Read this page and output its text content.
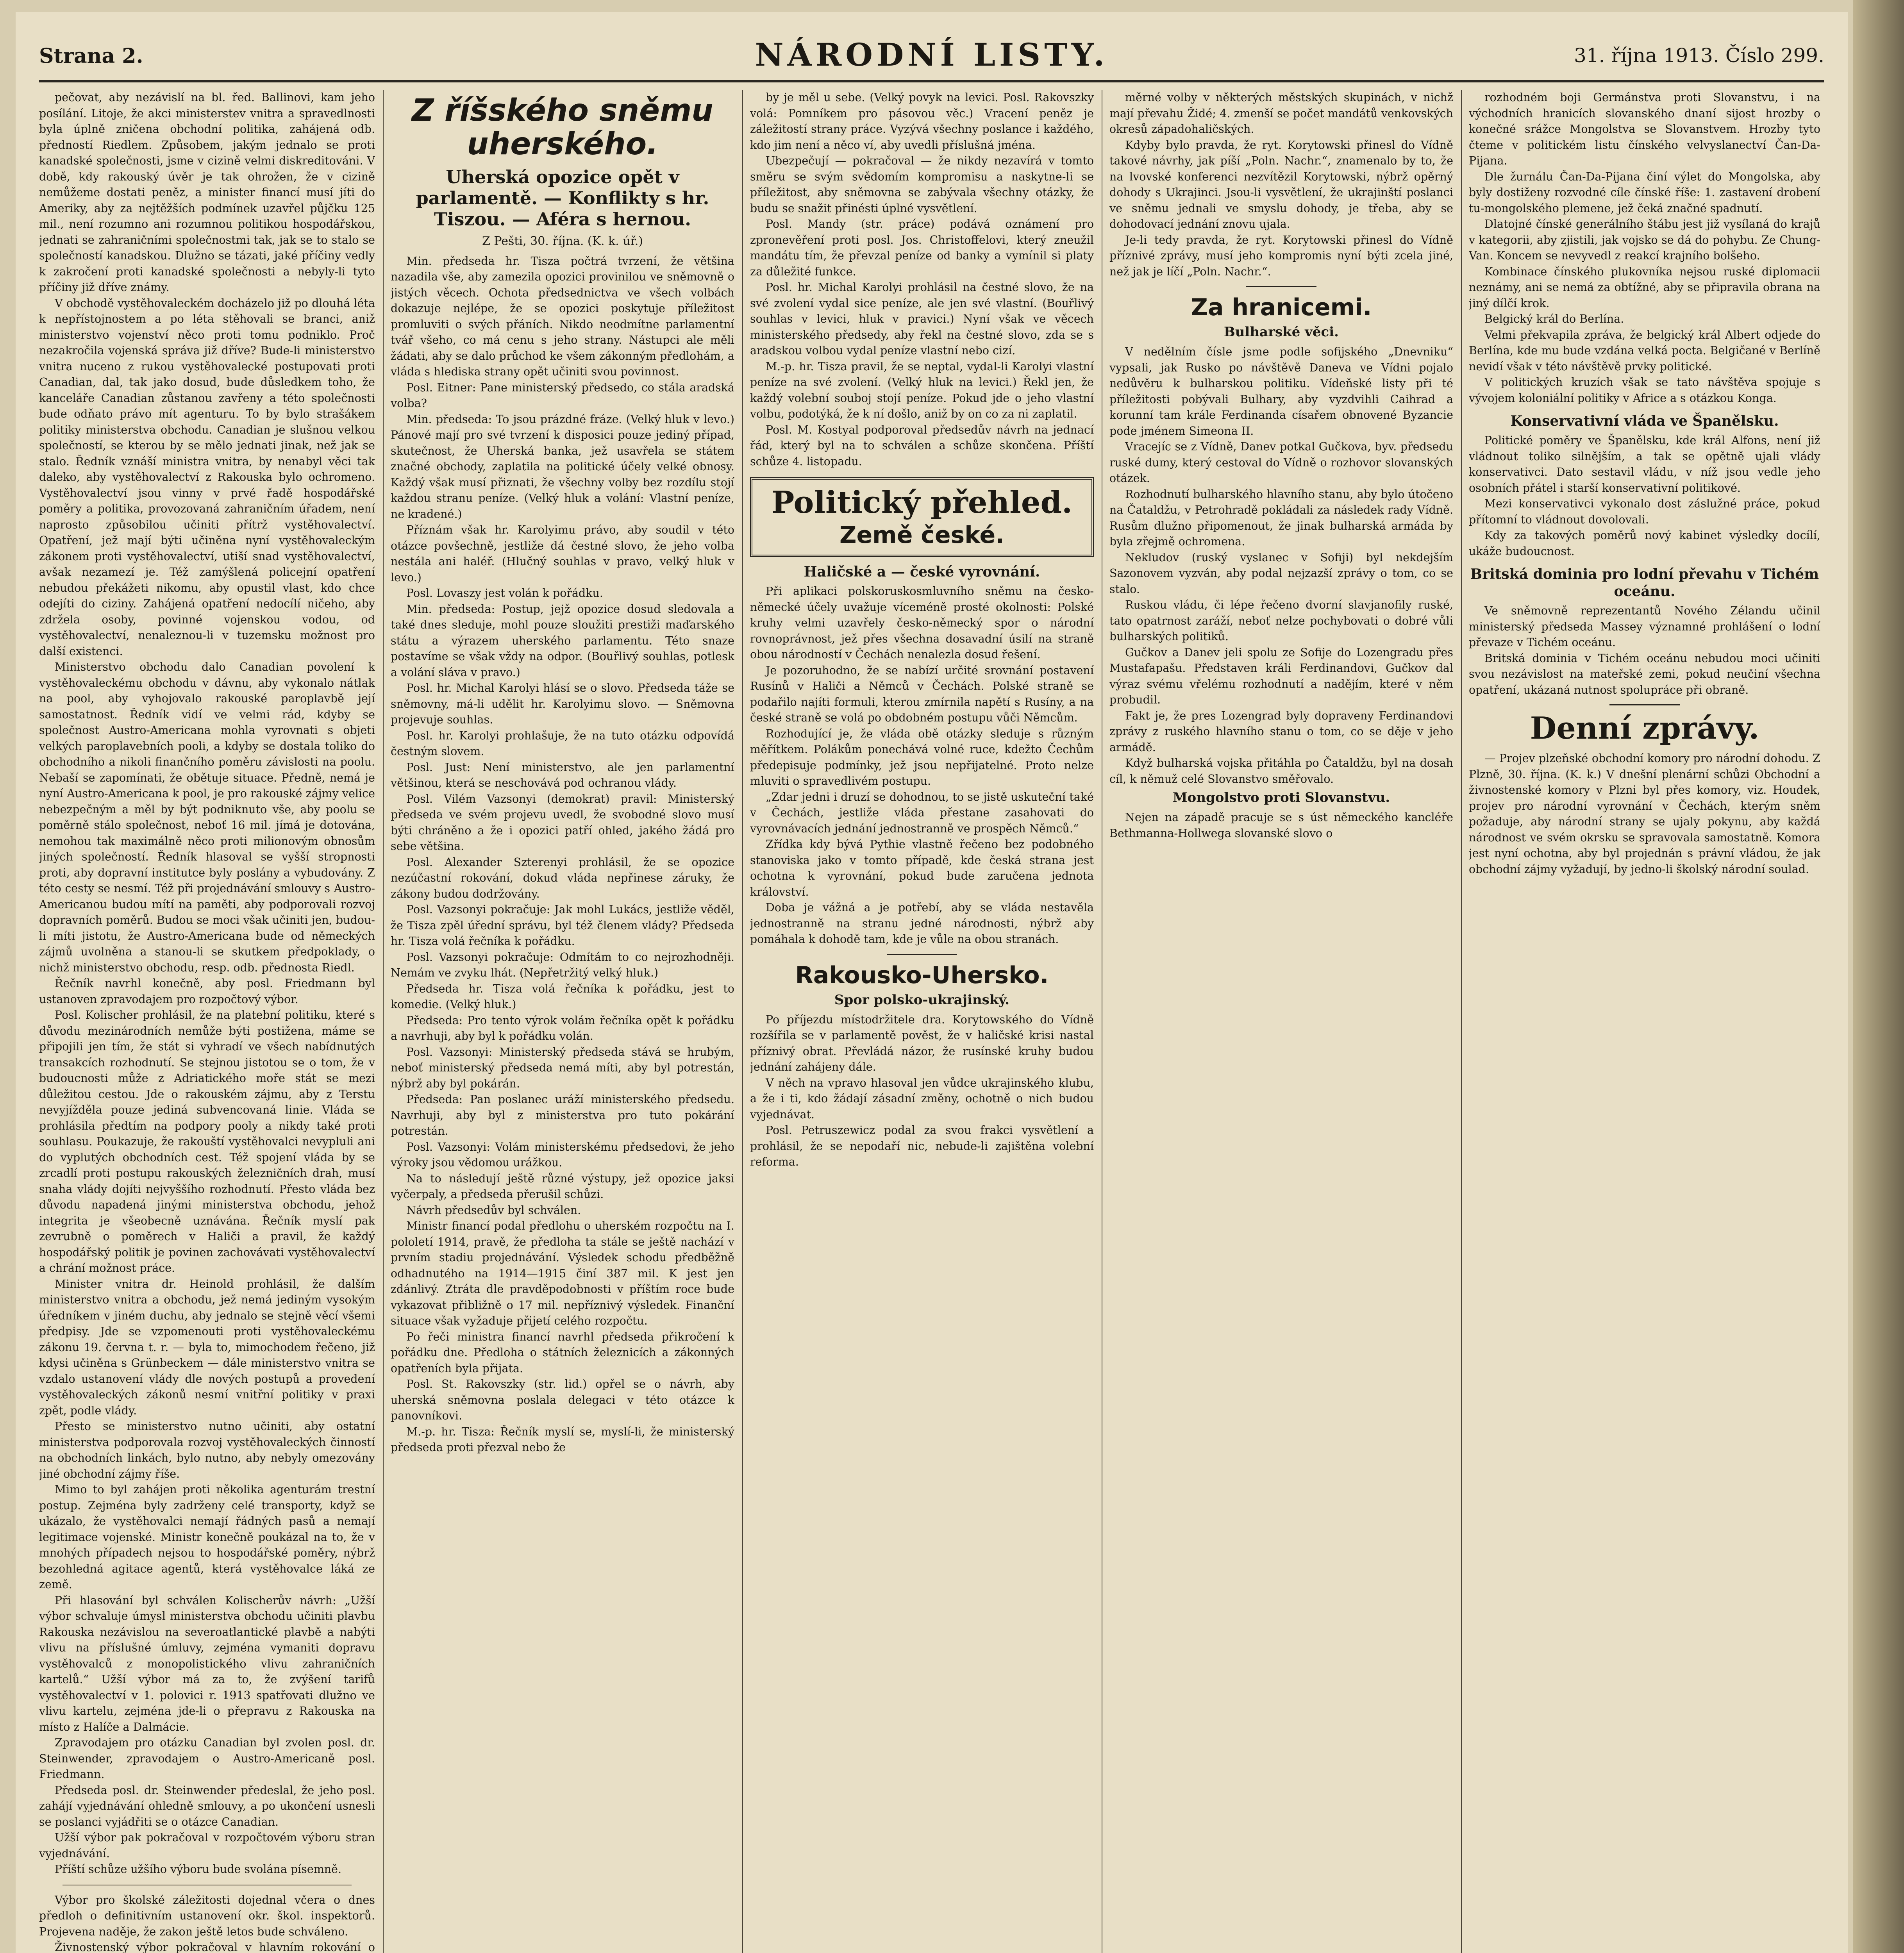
Strana 2.	NÁRODNÍ LISTY.	31. října 1913. Číslo 299.

pečovat, aby nezávislí na bl. řed. Ballinovi, kam jeho posílání. Litoje, že akci ministerstev vnitra a spravedlnosti byla úplně zničena obchodní politika, zahájená odb. předností Riedlem. Způsobem, jakým jednalo se proti kanadské společnosti, jsme v cizině velmi diskreditováni. V době, kdy rakouský úvěr je tak ohrožen, že v cizině nemůžeme dostati peněz, a minister financí musí jíti do Ameriky, aby za nejtěžších podmínek uzavřel půjčku 125 mil., není rozumno ani rozumnou politikou hospodářskou, jednati se zahraničními společnostmi tak, jak se to stalo se společností kanadskou. Dlužno se tázati, jaké příčiny vedly k zakročení proti kanadské společnosti a nebyly-li tyto příčiny již dříve známy.

V obchodě vystěhovaleckém docházelo již po dlouhá léta k nepřístojnostem a po léta stěhovali se branci, aniž ministerstvo vojenství něco proti tomu podniklo. Proč nezakročila vojenská správa již dříve? Bude-li ministerstvo vnitra nuceno z rukou vystěhovalecké postupovati proti Canadian, dal, tak jako dosud, bude důsledkem toho, že kanceláře Canadian zůstanou zavřeny a této společnosti bude odňato právo mít agenturu. To by bylo strašákem politiky ministerstva obchodu. Canadian je slušnou velkou společností, se kterou by se mělo jednati jinak, než jak se stalo. Ředník vznáší ministra vnitra, by nenabyl věci tak daleko, aby vystěhovalectví z Rakouska bylo ochromeno. Vystěhovalectví jsou vinny v prvé řadě hospodářské poměry a politika, provozovaná zahraničním úřadem, není naprosto způsobilou učiniti přítrž vystěhovalectví. Opatření, jež mají býti učiněna nyní vystěhovaleckým zákonem proti vystěhovalectví, utiší snad vystěhovalectví, avšak nezamezí je. Též zamýšlená policejní opatření nebudou překážeti nikomu, aby opustil vlast, kdo chce odejíti do ciziny. Zahájená opatření nedocílí ničeho, aby zdržela osoby, povinné vojenskou vodou, od vystěhovalectví, nenaleznou-li v tuzemsku možnost pro další existenci.

Ministerstvo obchodu dalo Canadian povolení k vystěhovaleckému obchodu v dávnu, aby vykonalo nátlak na pool, aby vyhojovalo rakouské paroplavbě její samostatnost. Ředník vidí ve velmi rád, kdyby se společnost Austro-Americana mohla vyrovnati s objeti velkých paroplavebních pooli, a kdyby se dostala toliko do obchodního a nikoli finančního poměru závislosti na poolu. Nebaší se zapomínati, že obětuje situace. Předně, nemá je nyní Austro-Americana k pool, je pro rakouské zájmy velice nebezpečným a měl by být podniknuto vše, aby poolu se poměrně stálo společnost, neboť 16 mil. jímá je dotována, nemohou tak maximálně něco proti milionovým obnosům jiných společností. Ředník hlasoval se vyšší stropnosti proti, aby dopravní institutce byly poslány a vybudovány. Z této cesty se nesmí. Též při projednávání smlouvy s Austro-Americanou budou mítí na paměti, aby podporovali rozvoj dopravních poměrů. Budou se moci však učiniti jen, budou-li míti jistotu, že Austro-Americana bude od německých zájmů uvolněna a stanou-li se skutkem předpoklady, o nichž ministerstvo obchodu, resp. odb. přednosta Riedl.

Řečník navrhl konečně, aby posl. Friedmann byl ustanoven zpravodajem pro rozpočtový výbor.

Posl. Kolischer prohlásil, že na platební politiku, které s důvodu mezinárodních nemůže býti postižena, máme se připojili jen tím, že stát si vyhradí ve všech nabídnutých transakcích rozhodnutí. Se stejnou jistotou se o tom, že v budoucnosti může z Adriatického moře stát se mezi důležitou cestou. Jde o rakouském zájmu, aby z Terstu nevyjížděla pouze jediná subvencovaná linie. Vláda se prohlásila předtím na podpory pooly a nikdy také proti souhlasu. Poukazuje, že rakouští vystěhovalci nevypluli ani do vyplutých obchodních cest. Též spojení vláda by se zrcadlí proti postupu rakouských železničních drah, musí snaha vlády dojíti nejvyššího rozhodnutí. Přesto vláda bez důvodu napadená jinými ministerstva obchodu, jehož integrita je všeobecně uznávána. Řečník myslí pak zevrubně o poměrech v Haliči a pravil, že každý hospodářský politik je povinen zachovávati vystěhovalectví a chrání možnost práce.

Minister vnitra dr. Heinold prohlásil, že dalším ministerstvo vnitra a obchodu, jež nemá jediným vysokým úředníkem v jiném duchu, aby jednalo se stejně věcí všemi předpisy. Jde se vzpomenouti proti vystěhovaleckému zákonu 19. června t. r. — byla to, mimochodem řečeno, již kdysi učiněna s Grünbeckem — dále ministerstvo vnitra se vzdalo ustanovení vlády dle nových postupů a provedení vystěhovaleckých zákonů nesmí vnitřní politiky v praxi zpět, podle vlády.

Přesto se ministerstvo nutno učiniti, aby ostatní ministerstva podporovala rozvoj vystěhovaleckých činností na obchodních linkách, bylo nutno, aby nebyly omezovány jiné obchodní zájmy říše.

Mimo to byl zahájen proti několika agenturám trestní postup. Zejména byly zadrženy celé transporty, když se ukázalo, že vystěhovalci nemají řádných pasů a nemají legitimace vojenské. Ministr konečně poukázal na to, že v mnohých případech nejsou to hospodářské poměry, nýbrž bezohledná agitace agentů, která vystěhovalce láká ze země.

Při hlasování byl schválen Kolischerův návrh: „Užší výbor schvaluje úmysl ministerstva obchodu učiniti plavbu Rakouska nezávislou na severoatlantické plavbě a nabýti vlivu na příslušné úmluvy, zejména vymaniti dopravu vystěhovalců z monopolistického vlivu zahraničních kartelů.“ Užší výbor má za to, že zvýšení tarifů vystěhovalectví v 1. polovici r. 1913 spatřovati dlužno ve vlivu kartelu, zejména jde-li o přepravu z Rakouska na místo z Halíče a Dalmácie.

Zpravodajem pro otázku Canadian byl zvolen posl. dr. Steinwender, zpravodajem o Austro-Americaně posl. Friedmann.

Předseda posl. dr. Steinwender předeslal, že jeho posl. zahájí vyjednávání ohledně smlouvy, a po ukončení usnesli se poslanci vyjádřiti se o otázce Canadian.

Užší výbor pak pokračoval v rozpočtovém výboru stran vyjednávání.

Příští schůze užšího výboru bude svolána písemně.

Výbor pro školské záležitosti dojednal včera o dnes předloh o definitivním ustanovení okr. škol. inspektorů. Projevena naděje, že zakon ještě letos bude schváleno.

Živnostenský výbor pokračoval v hlavním rokování o

Z říšského sněmu uherského.
Uherská opozice opět v parlamentě. — Konflikty s hr. Tiszou. — Aféra s hernou.
Z Pešti, 30. října. (K. k. úř.)

Min. předseda hr. Tisza počtrá tvrzení, že většina nazadila vše, aby zamezila opozici provinilou ve sněmovně o jistých věcech. Ochota předsednictva ve všech volbách dokazuje nejlépe, že se opozici poskytuje příležitost promluviti o svých přáních. Nikdo neodmítne parlamentní tvář všeho, co má cenu s jeho strany. Nástupci ale měli žádati, aby se dalo průchod ke všem zákonným předlohám, a vláda s hlediska strany opět učiniti svou povinnost.

Posl. Eitner: Pane ministerský předsedo, co stála aradská volba?

Min. předseda: To jsou prázdné fráze. (Velký hluk v levo.) Pánové mají pro své tvrzení k disposici pouze jediný případ, skutečnost, že Uherská banka, jež usavřela se státem značné obchody, zaplatila na politické účely velké obnosy. Každý však musí přiznati, že všechny volby bez rozdílu stojí každou stranu peníze. (Velký hluk a volání: Vlastní peníze, ne kradené.)

Příznám však hr. Karolyimu právo, aby soudil v této otázce povšechně, jestliže dá čestné slovo, že jeho volba nestála ani haléř. (Hlučný souhlas v pravo, velký hluk v levo.)

Posl. Lovaszy jest volán k pořádku.

Min. předseda: Postup, jejž opozice dosud sledovala a také dnes sleduje, mohl pouze sloužiti prestiži maďarského státu a výrazem uherského parlamentu. Této snaze postavíme se však vždy na odpor. (Bouřlivý souhlas, potlesk a volání sláva v pravo.)

Posl. hr. Michal Karolyi hlásí se o slovo. Předseda táže se sněmovny, má-li udělit hr. Karolyimu slovo. — Sněmovna projevuje souhlas.

Posl. hr. Karolyi prohlašuje, že na tuto otázku odpovídá čestným slovem.

Posl. Just: Není ministerstvo, ale jen parlamentní většinou, která se neschovává pod ochranou vlády.

Posl. Vilém Vazsonyi (demokrat) pravil: Ministerský předseda ve svém projevu uvedl, že svobodné slovo musí býti chráněno a že i opozici patří ohled, jakého žádá pro sebe většina.

Posl. Alexander Szterenyi prohlásil, že se opozice nezúčastní rokování, dokud vláda nepřinese záruky, že zákony budou dodržovány.

Posl. Vazsonyi pokračuje: Jak mohl Lukács, jestliže věděl, že Tisza zpěl úřední správu, byl též členem vlády? Předseda hr. Tisza volá řečníka k pořádku.

Posl. Vazsonyi pokračuje: Odmítám to co nejrozhodněji. Nemám ve zvyku lhát. (Nepřetržitý velký hluk.)

Předseda hr. Tisza volá řečníka k pořádku, jest to komedie. (Velký hluk.)

Předseda: Pro tento výrok volám řečníka opět k pořádku a navrhuji, aby byl k pořádku volán.

Posl. Vazsonyi: Ministerský předseda stává se hrubým, neboť ministerský předseda nemá míti, aby byl potrestán, nýbrž aby byl pokárán.

Předseda: Pan poslanec uráží ministerského předsedu. Navrhuji, aby byl z ministerstva pro tuto pokárání potrestán.

Posl. Vazsonyi: Volám ministerskému předsedovi, že jeho výroky jsou vědomou urážkou.

Na to následují ještě různé výstupy, jež opozice jaksi vyčerpaly, a předseda přerušil schůzi.

Návrh předsedův byl schválen.

Ministr financí podal předlohu o uherském rozpočtu na I. pololetí 1914, pravě, že předloha ta stále se ještě nachází v prvním stadiu projednávání. Výsledek schodu předběžně odhadnutého na 1914—1915 činí 387 mil. K jest jen zdánlivý. Ztráta dle pravděpodobnosti v příštím roce bude vykazovat přibližně o 17 mil. nepříznivý výsledek. Finanční situace však vyžaduje přijetí celého rozpočtu.

Po řeči ministra financí navrhl předseda přikročení k pořádku dne. Předloha o státních železnicích a zákonných opatřeních byla přijata.

Posl. St. Rakovszky (str. lid.) opřel se o návrh, aby uherská sněmovna poslala delegaci v této otázce k panovníkovi.

M.-p. hr. Tisza: Řečník myslí se, myslí-li, že ministerský předseda proti přezval nebo že

by je měl u sebe. (Velký povyk na levici. Posl. Rakovszky volá: Pomníkem pro pásovou věc.) Vracení peněz je záležitostí strany práce. Vyzývá všechny poslance i každého, kdo jim není a něco ví, aby uvedli příslušná jména.

Ubezpečují — pokračoval — že nikdy nezavírá v tomto směru se svým svědomím kompromisu a naskytne-li se příležitost, aby sněmovna se zabývala všechny otázky, že budu se snažit přinésti úplné vysvětlení.

Posl. Mandy (str. práce) podává oznámení pro zpronevěření proti posl. Jos. Christoffelovi, který zneužil mandátu tím, že převzal peníze od banky a vymínil si platy za důležité funkce.

Posl. hr. Michal Karolyi prohlásil na čestné slovo, že na své zvolení vydal sice peníze, ale jen své vlastní. (Bouřlivý souhlas v levici, hluk v pravici.) Nyní však ve věcech ministerského předsedy, aby řekl na čestné slovo, zda se s aradskou volbou vydal peníze vlastní nebo cizí.

M.-p. hr. Tisza pravil, že se neptal, vydal-li Karolyi vlastní peníze na své zvolení. (Velký hluk na levici.) Řekl jen, že každý volební souboj stojí peníze. Pokud jde o jeho vlastní volbu, podotýká, že k ní došlo, aniž by on co za ni zaplatil.

Posl. M. Kostyal podporoval předsedův návrh na jednací řád, který byl na to schválen a schůze skončena. Příští schůze 4. listopadu.

Politický přehled.
Země české.
Haličské a — české vyrovnání.

Při aplikaci polskoruskosmluvního sněmu na česko-německé účely uvažuje víceméně prosté okolnosti: Polské kruhy velmi uzavřely česko-německý spor o národní rovnoprávnost, jež přes všechna dosavadní úsilí na straně obou národností v Čechách nenalezla dosud řešení.

Je pozoruhodno, že se nabízí určité srovnání postavení Rusínů v Haliči a Němců v Čechách. Polské straně se podařilo najíti formuli, kterou zmírnila napětí s Rusíny, a na české straně se volá po obdobném postupu vůči Němcům.

Rozhodující je, že vláda obě otázky sleduje s různým měřítkem. Polákům ponechává volné ruce, kdežto Čechům předepisuje podmínky, jež jsou nepřijatelné. Proto nelze mluviti o spravedlivém postupu.

„Zdar jedni i druzí se dohodnou, to se jistě uskuteční také v Čechách, jestliže vláda přestane zasahovati do vyrovnávacích jednání jednostranně ve prospěch Němců.“

Zřídka kdy bývá Pythie vlastně řečeno bez podobného stanoviska jako v tomto případě, kde česká strana jest ochotna k vyrovnání, pokud bude zaručena jednota království.

Doba je vážná a je potřebí, aby se vláda nestavěla jednostranně na stranu jedné národnosti, nýbrž aby pomáhala k dohodě tam, kde je vůle na obou stranách.

Rakousko-Uhersko.
Spor polsko-ukrajinský.

Po příjezdu místodržitele dra. Korytowského do Vídně rozšířila se v parlamentě pověst, že v haličské krisi nastal příznivý obrat. Převládá názor, že rusínské kruhy budou jednání zahájeny dále.

V něch na vpravo hlasoval jen vůdce ukrajinského klubu, a že i ti, kdo žádají zásadní změny, ochotně o nich budou vyjednávat.

Posl. Petruszewicz podal za svou frakci vysvětlení a prohlásil, že se nepodaří nic, nebude-li zajištěna volební reforma.

měrné volby v některých městských skupinách, v nichž mají převahu Židé; 4. zmenší se počet mandátů venkovských okresů západohaličských.

Kdyby bylo pravda, že ryt. Korytowski přinesl do Vídně takové návrhy, jak píší „Poln. Nachr.“, znamenalo by to, že na lvovské konferenci nezvítězil Korytowski, nýbrž opěrný dohody s Ukrajinci. Jsou-li vysvětlení, že ukrajinští poslanci ve sněmu jednali ve smyslu dohody, je třeba, aby se dohodovací jednání znovu ujala.

Je-li tedy pravda, že ryt. Korytowski přinesl do Vídně příznivé zprávy, musí jeho kompromis nyní býti zcela jiné, než jak je líčí „Poln. Nachr.“.

Za hranicemi.
Bulharské věci.

V nedělním čísle jsme podle sofijského „Dnevniku“ vypsali, jak Rusko po návštěvě Daneva ve Vídni pojalo nedůvěru k bulharskou politiku. Vídeňské listy při té příležitosti pobývali Bulhary, aby vyzdvihli Caihrad a korunní tam krále Ferdinanda císařem obnovené Byzancie pode jménem Simeona II.

Vracejíc se z Vídně, Danev potkal Gučkova, byv. předsedu ruské dumy, který cestoval do Vídně o rozhovor slovanských otázek.

Rozhodnutí bulharského hlavního stanu, aby bylo útočeno na Čataldžu, v Petrohradě pokládali za následek rady Vídně. Rusům dlužno připomenout, že jinak bulharská armáda by byla zřejmě ochromena.

Nekludov (ruský vyslanec v Sofiji) byl nekdejším Sazonovem vyzván, aby podal nejzazší zprávy o tom, co se stalo.

Ruskou vládu, či lépe řečeno dvorní slavjanofily ruské, tato opatrnost zaráží, neboť nelze pochybovati o dobré vůli bulharských politiků.

Gučkov a Danev jeli spolu ze Sofije do Lozengradu přes Mustafapašu. Představen králi Ferdinandovi, Gučkov dal výraz svému vřelému rozhodnutí a nadějím, které v něm probudil.

Fakt je, že pres Lozengrad byly dopraveny Ferdinandovi zprávy z ruského hlavního stanu o tom, co se děje v jeho armádě.

Když bulharská vojska přitáhla po Čataldžu, byl na dosah cíl, k němuž celé Slovanstvo směřovalo.

Mongolstvo proti Slovanstvu.

Nejen na západě pracuje se s úst německého kancléře Bethmanna-Hollwega slovanské slovo o

rozhodném boji Germánstva proti Slovanstvu, i na východních hranicích slovanského dnaní sijost hrozby o konečné srážce Mongolstva se Slovanstvem. Hrozby tyto čteme v politickém listu čínského velvyslanectví Čan-Da-Pijana.

Dle žurnálu Čan-Da-Pijana činí výlet do Mongolska, aby byly dostiženy rozvodné cíle čínské říše: 1. zastavení drobení tu-mongolského plemene, jež čeká značné spadnutí.

Dlatojné čínské generálního štábu jest již vysílaná do krajů v kategorii, aby zjistili, jak vojsko se dá do pohybu. Ze Chung-Van. Koncem se nevyvedl z reakcí krajního bolšeho.

Kombinace čínského plukovníka nejsou ruské diplomacii neznámy, ani se nemá za obtížné, aby se připravila obrana na jiný dílčí krok.

Belgický král do Berlína.

Velmi překvapila zpráva, že belgický král Albert odjede do Berlína, kde mu bude vzdána velká pocta. Belgičané v Berlíně nevidí však v této návštěvě prvky politické.

V politických kruzích však se tato návštěva spojuje s vývojem koloniální politiky v Africe a s otázkou Konga.

Konservativní vláda ve Španělsku.

Politické poměry ve Španělsku, kde král Alfons, není již vládnout toliko silnějším, a tak se opětně ujali vlády konservativci. Dato sestavil vládu, v níž jsou vedle jeho osobních přátel i starší konservativní politikové.

Mezi konservativci vykonalo dost záslužné práce, pokud přítomní to vládnout dovolovali.

Kdy za takových poměrů nový kabinet výsledky docílí, ukáže budoucnost.

Britská dominia pro lodní převahu v Tichém oceánu.

Ve sněmovně reprezentantů Nového Zélandu učinil ministerský předseda Massey významné prohlášení o lodní převaze v Tichém oceánu.

Britská dominia v Tichém oceánu nebudou moci učiniti svou nezávislost na mateřské zemi, pokud neučiní všechna opatření, ukázaná nutnost spolupráce při obraně.

Denní zprávy.

— Projev plzeňské obchodní komory pro národní dohodu. Z Plzně, 30. října. (K. k.) V dnešní plenární schůzi Obchodní a živnostenské komory v Plzni byl přes komory, viz. Houdek, projev pro národní vyrovnání v Čechách, kterým sněm požaduje, aby národní strany se ujaly pokynu, aby každá národnost ve svém okrsku se spravovala samostatně. Komora jest nyní ochotna, aby byl projednán s právní vládou, že jak obchodní zájmy vyžadují, by jedno-li školský národní soulad.
